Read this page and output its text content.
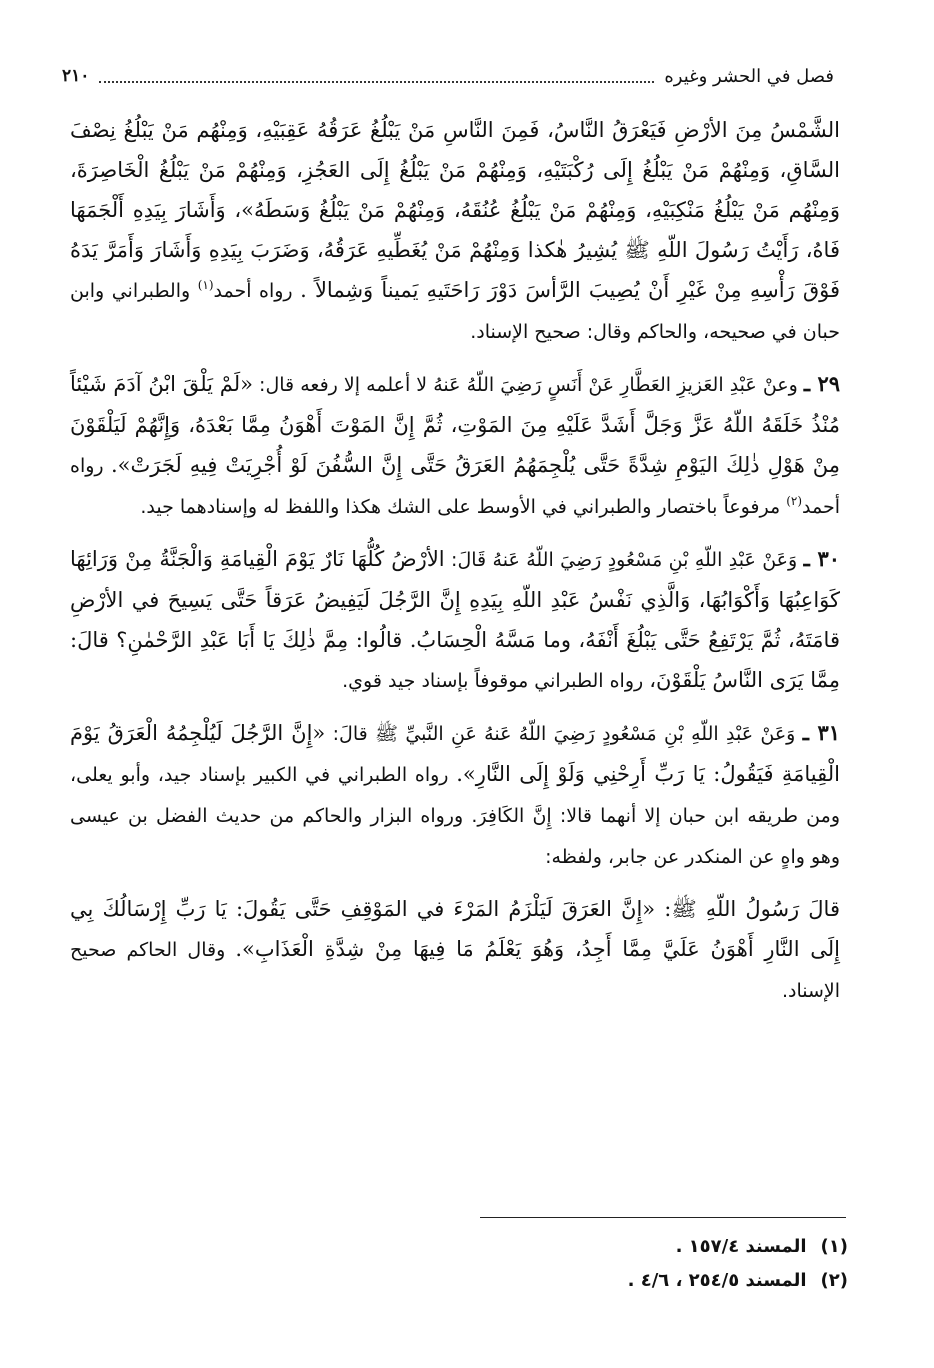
٢١٠	فصل في الحشر وغيره

الشَّمْسُ مِنَ الأرْضِ فَيَعْرَقُ النَّاسُ، فَمِنَ النَّاسِ مَنْ يَبْلُغُ عَرَقُهُ عَقِبَيْهِ، وَمِنْهُم مَنْ يَبْلُغُ نِصْفَ السَّاقِ، وَمِنْهُمْ مَنْ يَبْلُغُ إِلَى رُكْبَتَيْهِ، وَمِنْهُمْ مَنْ يَبْلُغُ إِلَى العَجُزِ، وَمِنْهُمْ مَنْ يَبْلُغُ الْخَاصِرَةَ، وَمِنْهُم مَنْ يَبْلُغُ مَنْكِبَيْهِ، وَمِنْهُمْ مَنْ يَبْلُغُ عُنُقَهُ، وَمِنْهُمْ مَنْ يَبْلُغُ وَسَطَهُ»، وَأَشَارَ بِيَدِهِ أَلْجَمَهَا فَاهُ، رَأَيْتُ رَسُولَ اللّهِ ﷺ يُشِيرُ هٰكذا وَمِنْهُمْ مَنْ يُغَطِّيهِ عَرَقُهُ، وَضَرَبَ بِيَدِهِ وَأَشَارَ وَأَمَرَّ يَدَهُ فَوْقَ رَأْسِهِ مِنْ غَيْرِ أَنْ يُصِيبَ الرَّأسَ دَوْرَ رَاحَتَيهِ يَميناً وَشِمالاً . رواه أحمد$^{(١)}$ والطبراني وابن حبان في صحيحه، والحاكم وقال: صحيح الإسناد.

٢٩ ـ وعنْ عَبْدِ العَزيزِ العَطَّارِ عَنْ أَنَسٍ رَضِيَ اللّهُ عَنهُ لا أعلمه إلا رفعه قال: «لَمْ يَلْقَ ابْنُ آدَمَ شَيْئاً مُنْذُ خَلَقَهُ اللّهُ عَزَّ وَجَلَّ أَشَدَّ عَلَيْهِ مِنَ المَوْتِ، ثُمَّ إِنَّ المَوْتَ أَهْوَنُ مِمَّا بَعْدَهُ، وَإِنَّهُمْ لَيَلْقَوْنَ مِنْ هَوْلِ ذٰلِكَ اليَوْمِ شِدَّةً حَتَّى يُلْجِمَهُمُ العَرَقُ حَتَّى إِنَّ السُّفُنَ لَوْ أُجْرِيَتْ فِيهِ لَجَرَتْ». رواه أحمد$^{(٢)}$ مرفوعاً باختصار والطبراني في الأوسط على الشك هكذا واللفظ له وإسنادهما جيد.

٣٠ ـ وَعَنْ عَبْدِ اللّهِ بْنِ مَسْعُودٍ رَضِيَ اللّهُ عَنهُ قَالَ: الأرْضُ كُلُّهَا نَارٌ يَوْمَ الْقِيامَةِ وَالْجَنَّةُ مِنْ وَرَائِهَا كَوَاعِبُهَا وَأَكْوَابُهَا، وَالَّذِي نَفْسُ عَبْدِ اللّهِ بِيَدِهِ إِنَّ الرَّجُلَ لَيَفِيضُ عَرَقاً حَتَّى يَسِيحَ في الأرْضِ قامَتَهُ، ثُمَّ يَرْتَفِعُ حَتَّى يَبْلُغَ أَنْفَهُ، وما مَسَّهُ الْحِسَابُ. قالُوا: مِمَّ ذٰلِكَ يَا أَبَا عَبْدِ الرَّحْمٰنِ؟ قالَ: مِمَّا يَرَى النَّاسُ يَلْقَوْنَ، رواه الطبراني موقوفاً بإسناد جيد قوي.

٣١ ـ وَعَنْ عَبْدِ اللّهِ بْنِ مَسْعُودٍ رَضِيَ اللّهُ عَنهُ عَنِ النَّبيِّ ﷺ قالَ: «إِنَّ الرَّجُلَ لَيُلْجِمُهُ الْعَرَقُ يَوْمَ الْقِيامَةِ فَيَقُولُ: يَا رَبِّ أَرِحْنِي وَلَوْ إِلَى النَّارِ». رواه الطبراني في الكبير بإسناد جيد، وأبو يعلى، ومن طريقه ابن حبان إلا أنهما قالا: إِنَّ الكَافِرَ. ورواه البزار والحاكم من حديث الفضل بن عيسى وهو واهٍ عن المنكدر عن جابر، ولفظه:

قالَ رَسُولُ اللّهِ ﷺ: «إِنَّ العَرَقَ لَيَلْزَمُ المَرْءَ في المَوْقِفِ حَتَّى يَقُولَ: يَا رَبِّ إِرْسَالُكَ بِي إِلَى النَّارِ أَهْوَنُ عَلَيَّ مِمَّا أَجِدُ، وَهُوَ يَعْلَمُ مَا فِيهَا مِنْ شِدَّةِ الْعَذَابِ». وقال الحاكم صحيح الإسناد.

(١)
المسند ١٥٧/٤ .
(٢)
المسند ٢٥٤/٥ ، ٤/٦ .
